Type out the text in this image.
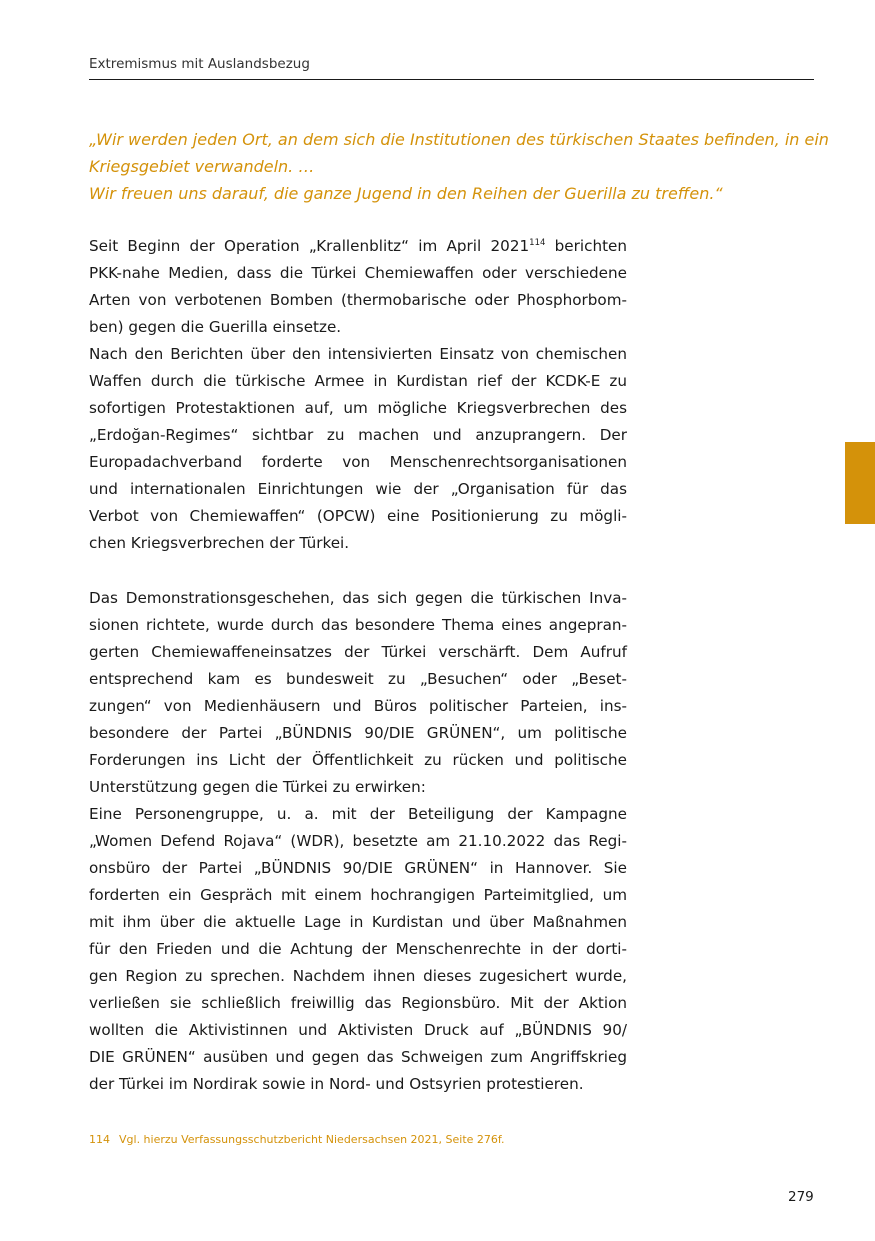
Extremismus mit Auslandsbezug
„Wir werden jeden Ort, an dem sich die Institutionen des türkischen Staates befinden, in ein
Kriegsgebiet verwandeln. …
Wir freuen uns darauf, die ganze Jugend in den Reihen der Guerilla zu treffen.“
Seit Beginn der Operation „Krallenblitz“ im April 2021$^{114}$ berichten
PKK-nahe Medien, dass die Türkei Chemiewaffen oder verschiedene
Arten von verbotenen Bomben (thermobarische oder Phosphorbom-
ben) gegen die Guerilla einsetze.
Nach den Berichten über den intensivierten Einsatz von chemischen
Waffen durch die türkische Armee in Kurdistan rief der KCDK-E zu
sofortigen Protestaktionen auf, um mögliche Kriegsverbrechen des
„Erdoğan-Regimes“ sichtbar zu machen und anzuprangern. Der
Europadachverband forderte von Menschenrechtsorganisationen
und internationalen Einrichtungen wie der „Organisation für das
Verbot von Chemiewaffen“ (OPCW) eine Positionierung zu mögli-
chen Kriegsverbrechen der Türkei.
Das Demonstrationsgeschehen, das sich gegen die türkischen Inva-
sionen richtete, wurde durch das besondere Thema eines angepran-
gerten Chemiewaffeneinsatzes der Türkei verschärft. Dem Aufruf
entsprechend kam es bundesweit zu „Besuchen“ oder „Beset-
zungen“ von Medienhäusern und Büros politischer Parteien, ins-
besondere der Partei „BÜNDNIS 90/DIE GRÜNEN“, um politische
Forderungen ins Licht der Öffentlichkeit zu rücken und politische
Unterstützung gegen die Türkei zu erwirken:
Eine Personengruppe, u. a. mit der Beteiligung der Kampagne
„Women Defend Rojava“ (WDR), besetzte am 21.10.2022 das Regi-
onsbüro der Partei „BÜNDNIS 90/DIE GRÜNEN“ in Hannover. Sie
forderten ein Gespräch mit einem hochrangigen Parteimitglied, um
mit ihm über die aktuelle Lage in Kurdistan und über Maßnahmen
für den Frieden und die Achtung der Menschenrechte in der dorti-
gen Region zu sprechen. Nachdem ihnen dieses zugesichert wurde,
verließen sie schließlich freiwillig das Regionsbüro. Mit der Aktion
wollten die Aktivistinnen und Aktivisten Druck auf „BÜNDNIS 90/
DIE GRÜNEN“ ausüben und gegen das Schweigen zum Angriffskrieg
der Türkei im Nordirak sowie in Nord- und Ostsyrien protestieren.
114 Vgl. hierzu Verfassungsschutzbericht Niedersachsen 2021, Seite 276f.
279
